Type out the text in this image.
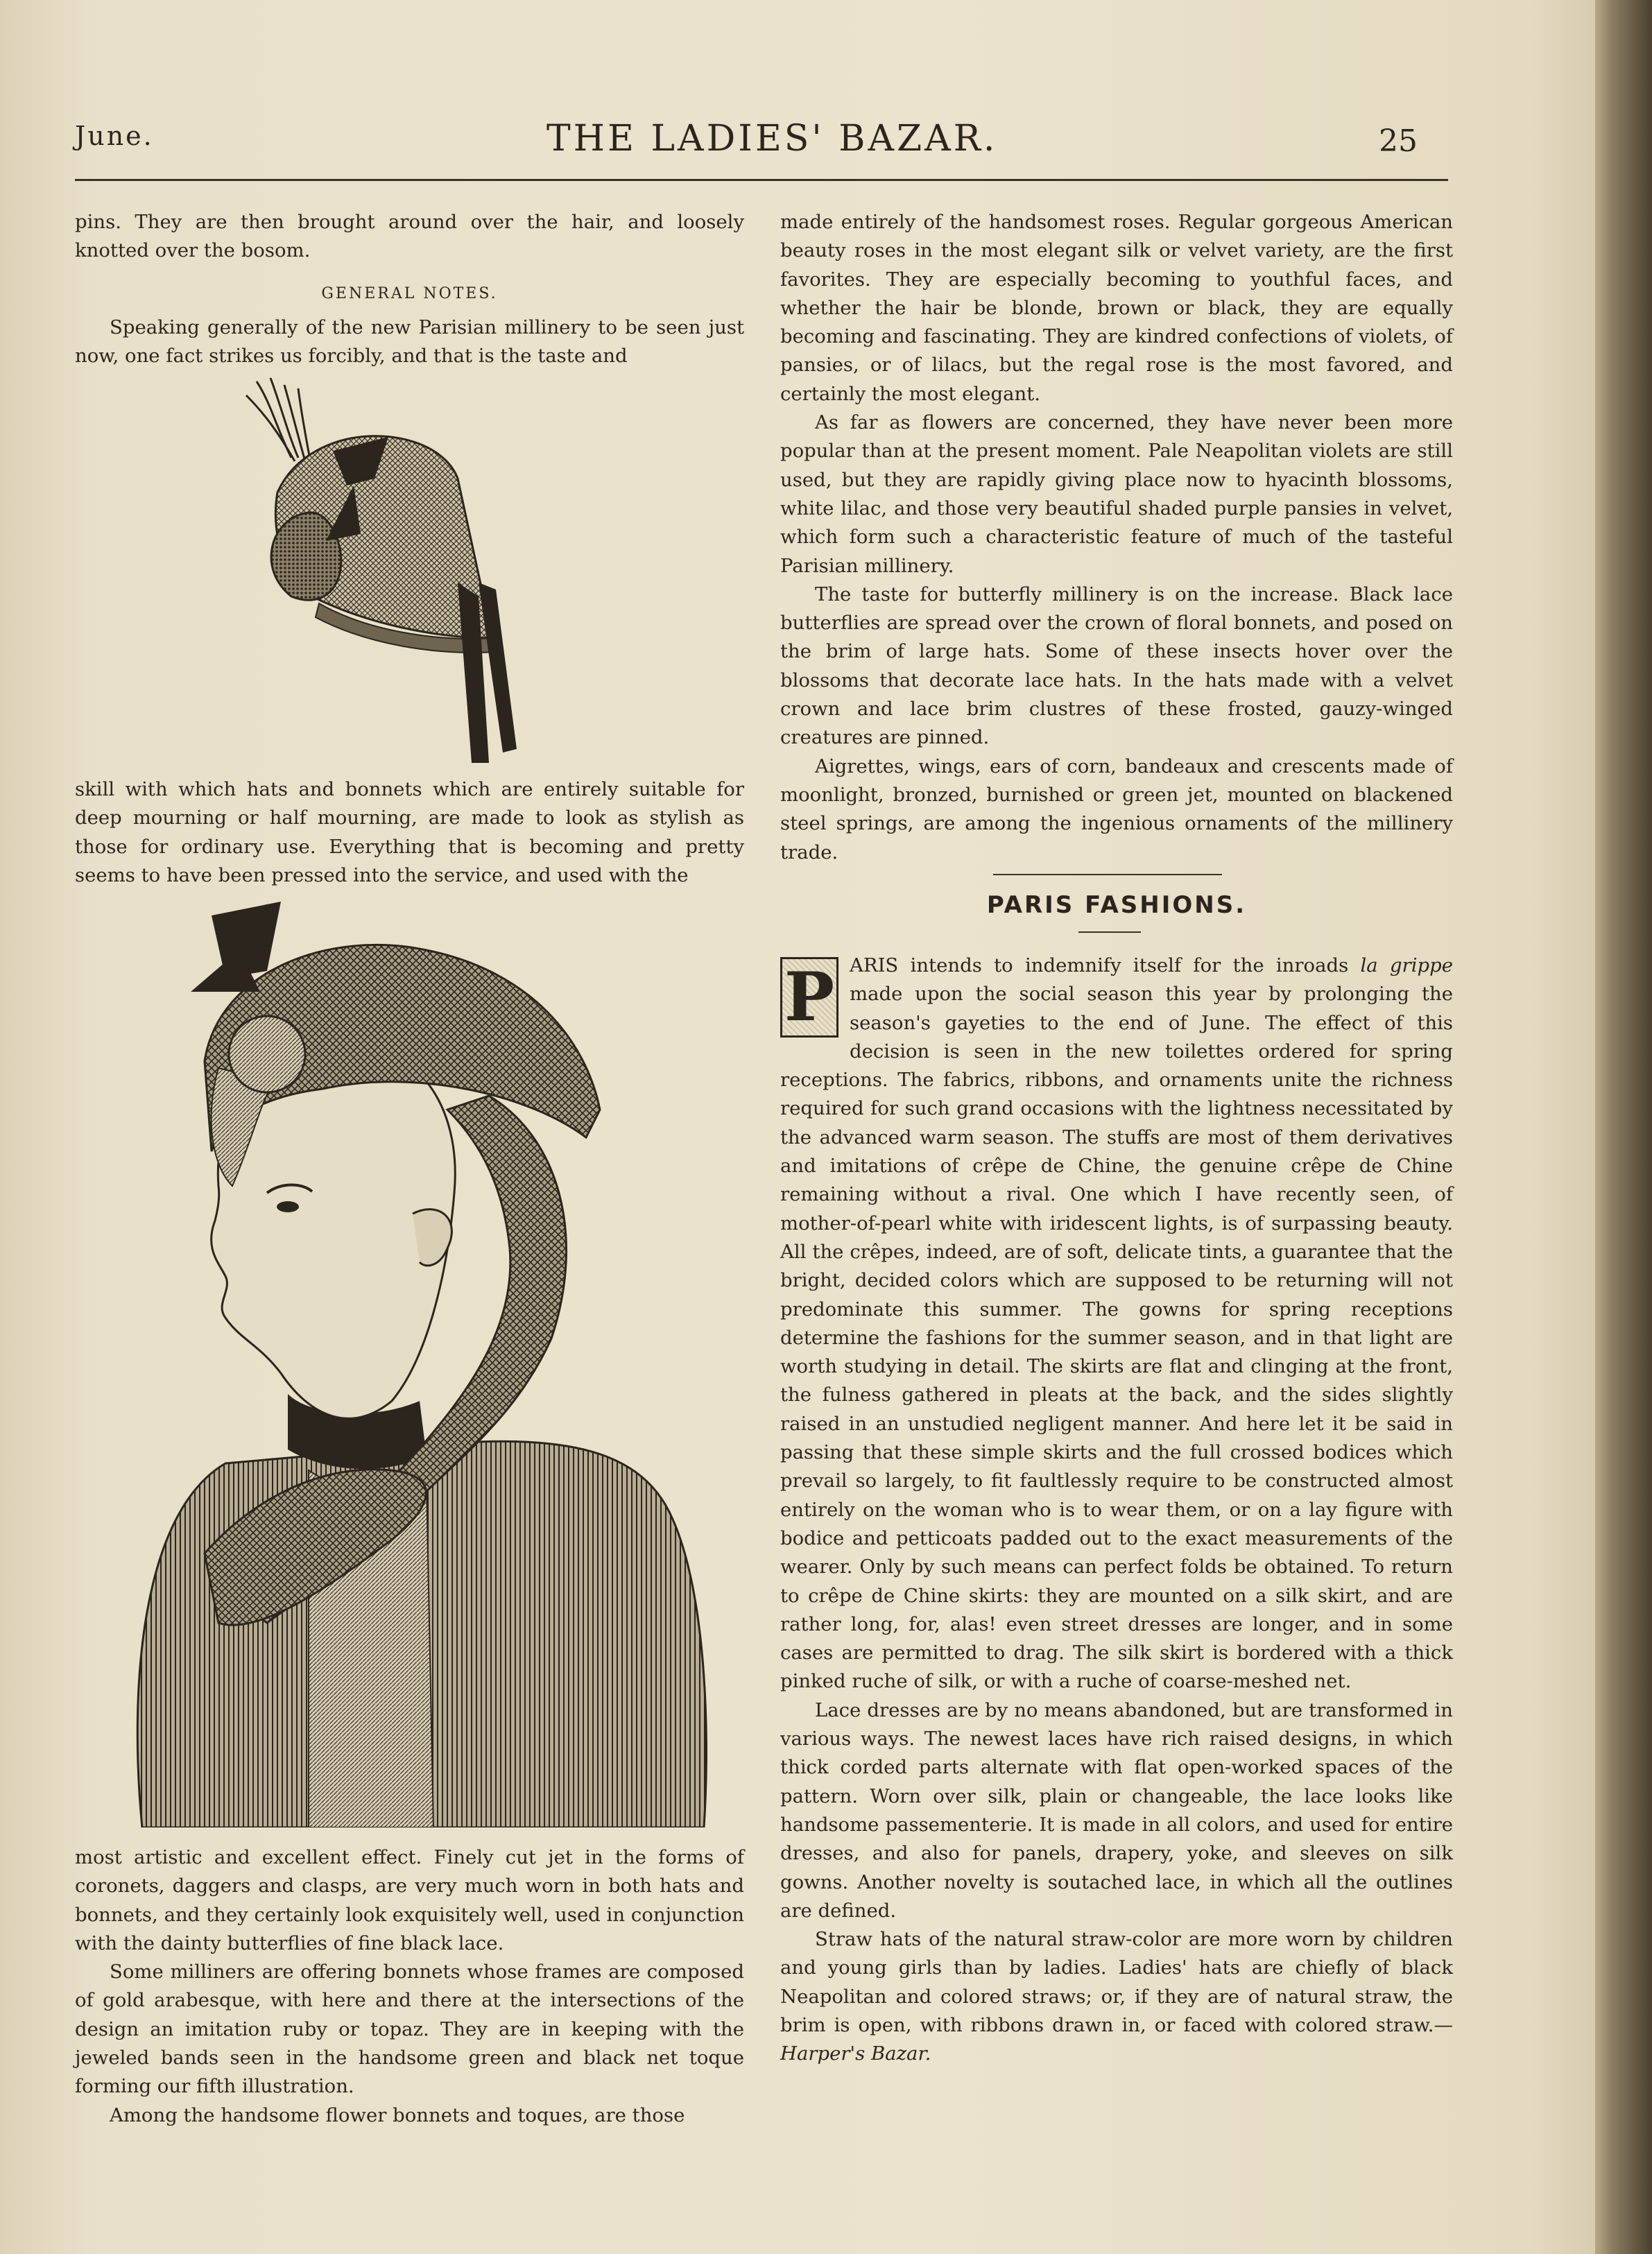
June.	THE LADIES' BAZAR.	25

pins. They are then brought around over the hair, and loosely knotted over the bosom.

GENERAL NOTES.

Speaking generally of the new Parisian millinery to be seen just now, one fact strikes us forcibly, and that is the taste and

skill with which hats and bonnets which are entirely suitable for deep mourning or half mourning, are made to look as stylish as those for ordinary use. Everything that is becoming and pretty seems to have been pressed into the service, and used with the

most artistic and excellent effect. Finely cut jet in the forms of coronets, daggers and clasps, are very much worn in both hats and bonnets, and they certainly look exquisitely well, used in conjunction with the dainty butterflies of fine black lace.

Some milliners are offering bonnets whose frames are composed of gold arabesque, with here and there at the intersections of the design an imitation ruby or topaz. They are in keeping with the jeweled bands seen in the handsome green and black net toque forming our fifth illustration.

Among the handsome flower bonnets and toques, are those

made entirely of the handsomest roses. Regular gorgeous American beauty roses in the most elegant silk or velvet variety, are the first favorites. They are especially becoming to youthful faces, and whether the hair be blonde, brown or black, they are equally becoming and fascinating. They are kindred confections of violets, of pansies, or of lilacs, but the regal rose is the most favored, and certainly the most elegant.

As far as flowers are concerned, they have never been more popular than at the present moment. Pale Neapolitan violets are still used, but they are rapidly giving place now to hyacinth blossoms, white lilac, and those very beautiful shaded purple pansies in velvet, which form such a characteristic feature of much of the tasteful Parisian millinery.

The taste for butterfly millinery is on the increase. Black lace butterflies are spread over the crown of floral bonnets, and posed on the brim of large hats. Some of these insects hover over the blossoms that decorate lace hats. In the hats made with a velvet crown and lace brim clustres of these frosted, gauzy-winged creatures are pinned.

Aigrettes, wings, ears of corn, bandeaux and crescents made of moonlight, bronzed, burnished or green jet, mounted on blackened steel springs, are among the ingenious ornaments of the millinery trade.

PARIS FASHIONS.

P ARIS intends to indemnify itself for the inroads la grippe made upon the social season this year by prolonging the season's gayeties to the end of June. The effect of this decision is seen in the new toilettes ordered for spring receptions. The fabrics, ribbons, and ornaments unite the richness required for such grand occasions with the lightness necessitated by the advanced warm season. The stuffs are most of them derivatives and imitations of crêpe de Chine, the genuine crêpe de Chine remaining without a rival. One which I have recently seen, of mother-of-pearl white with iridescent lights, is of surpassing beauty. All the crêpes, indeed, are of soft, delicate tints, a guarantee that the bright, decided colors which are supposed to be returning will not predominate this summer. The gowns for spring receptions determine the fashions for the summer season, and in that light are worth studying in detail. The skirts are flat and clinging at the front, the fulness gathered in pleats at the back, and the sides slightly raised in an unstudied negligent manner. And here let it be said in passing that these simple skirts and the full crossed bodices which prevail so largely, to fit faultlessly require to be constructed almost entirely on the woman who is to wear them, or on a lay figure with bodice and petticoats padded out to the exact measurements of the wearer. Only by such means can perfect folds be obtained. To return to crêpe de Chine skirts: they are mounted on a silk skirt, and are rather long, for, alas! even street dresses are longer, and in some cases are permitted to drag. The silk skirt is bordered with a thick pinked ruche of silk, or with a ruche of coarse-meshed net.

Lace dresses are by no means abandoned, but are transformed in various ways. The newest laces have rich raised designs, in which thick corded parts alternate with flat open-worked spaces of the pattern. Worn over silk, plain or changeable, the lace looks like handsome passementerie. It is made in all colors, and used for entire dresses, and also for panels, drapery, yoke, and sleeves on silk gowns. Another novelty is soutached lace, in which all the outlines are defined.

Straw hats of the natural straw-color are more worn by children and young girls than by ladies. Ladies' hats are chiefly of black Neapolitan and colored straws; or, if they are of natural straw, the brim is open, with ribbons drawn in, or faced with colored straw.—Harper's Bazar.
